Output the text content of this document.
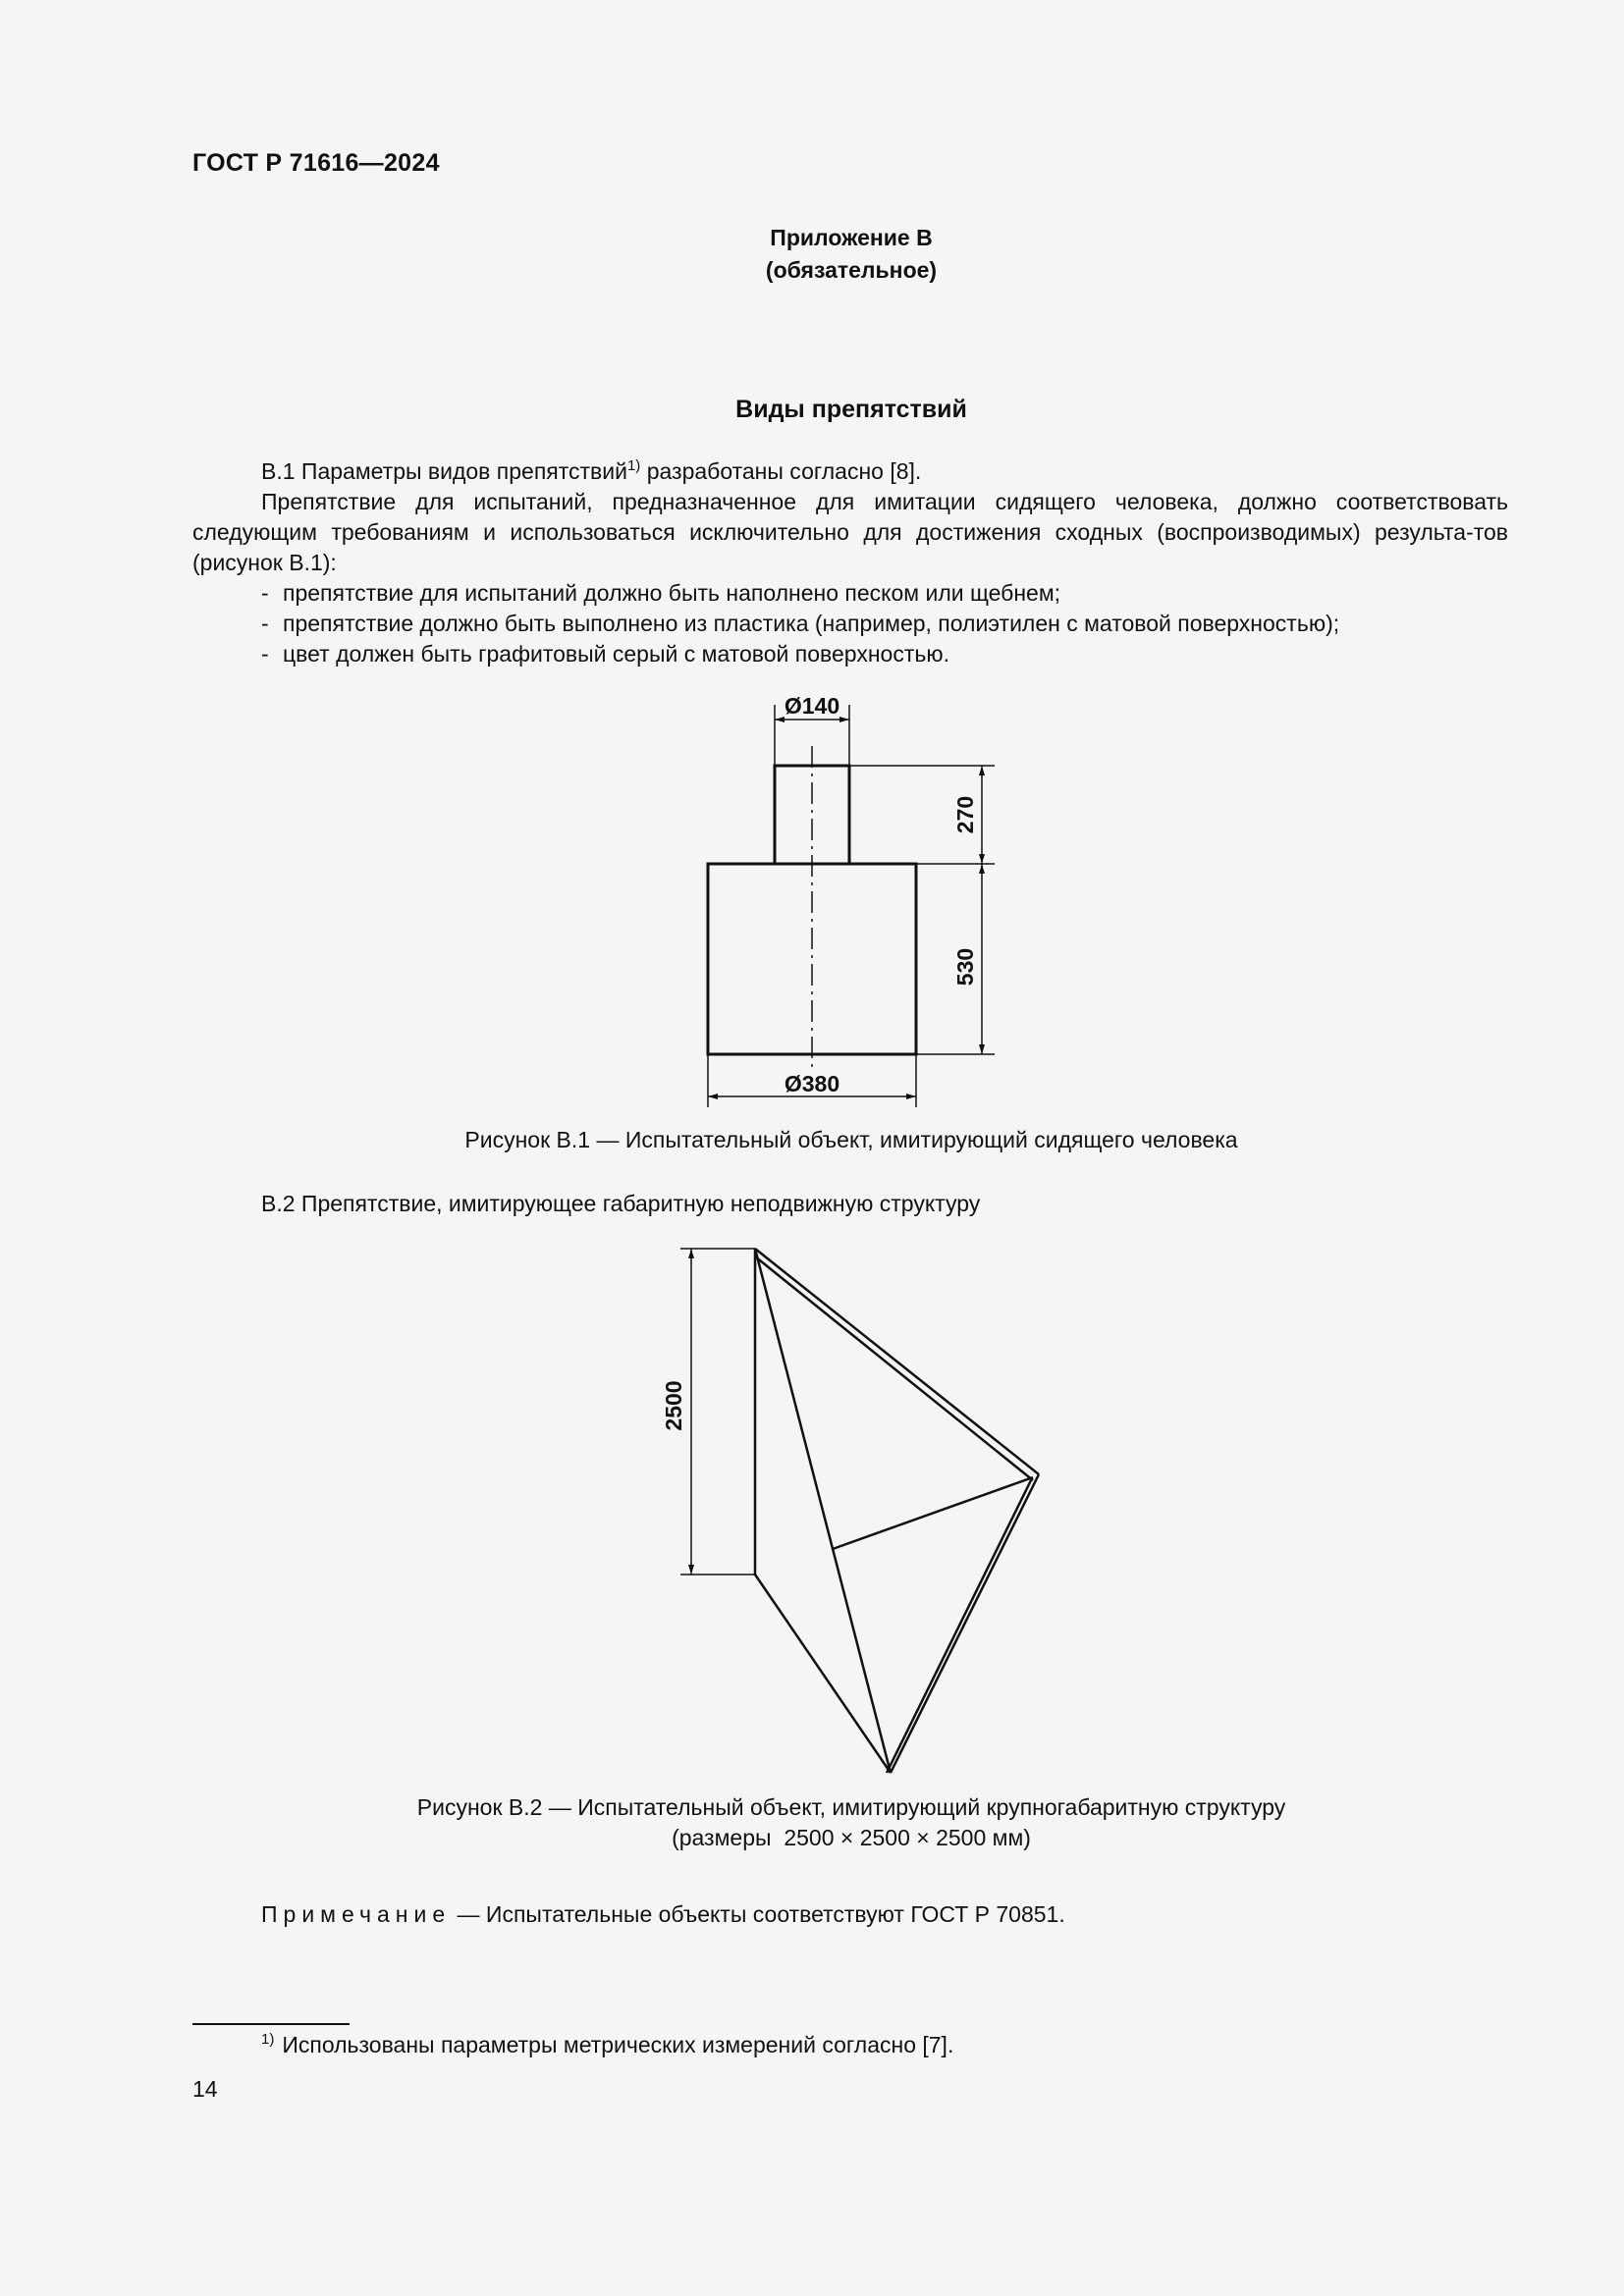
ГОСТ Р 71616—2024
Приложение В
(обязательное)
Виды препятствий
В.1 Параметры видов препятствий$^{1)}$ разработаны согласно [8].
Препятствие для испытаний, предназначенное для имитации сидящего человека, должно соответствовать следующим требованиям и использоваться исключительно для достижения сходных (воспроизводимых) результа-тов (рисунок В.1):
- препятствие для испытаний должно быть наполнено песком или щебнем;
- препятствие должно быть выполнено из пластика (например, полиэтилен с матовой поверхностью);
- цвет должен быть графитовый серый с матовой поверхностью.
Ø140
270
530
Ø380
Рисунок В.1 — Испытательный объект, имитирующий сидящего человека
В.2 Препятствие, имитирующее габаритную неподвижную структуру
2500
Рисунок В.2 — Испытательный объект, имитирующий крупногабаритную структуру
(размеры  2500 × 2500 × 2500 мм)
Примечание — Испытательные объекты соответствуют ГОСТ Р 70851.
$^{1)}$ Использованы параметры метрических измерений согласно [7].
14
